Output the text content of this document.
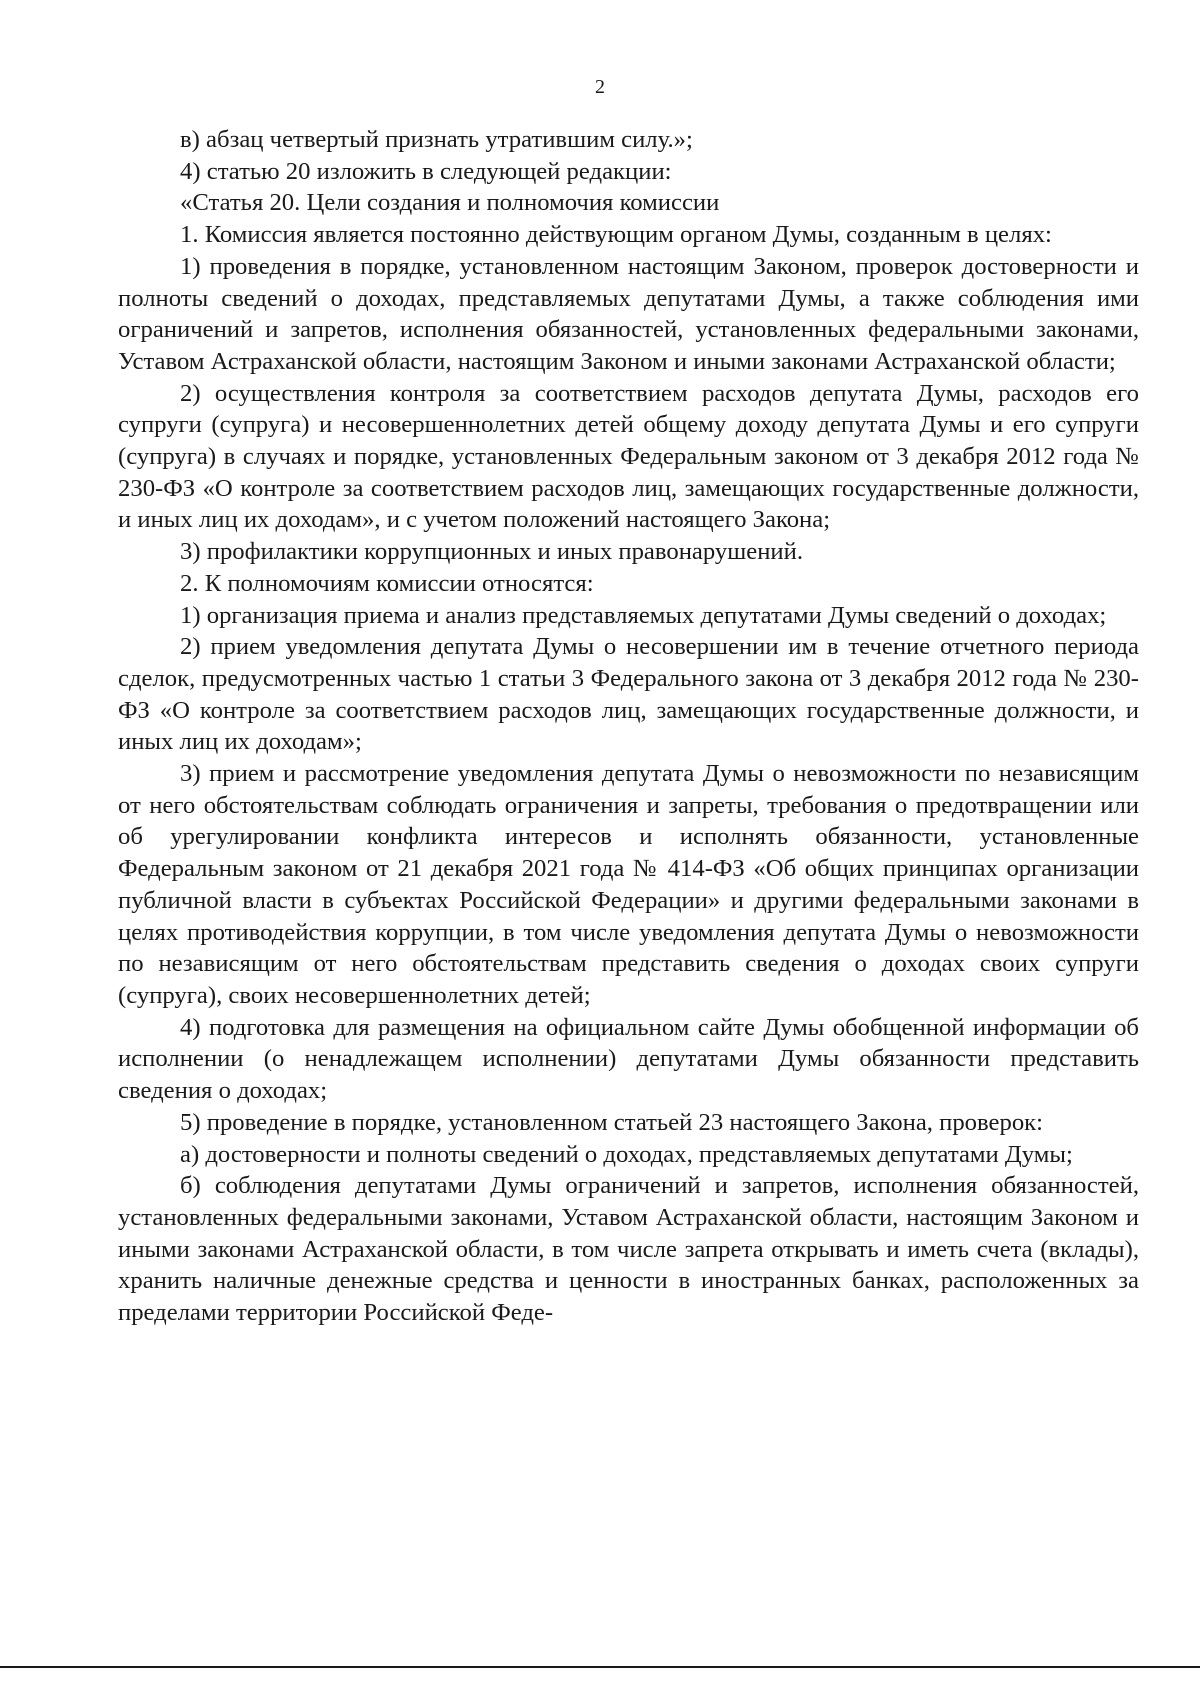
2

в) абзац четвертый признать утратившим силу.»;

4) статью 20 изложить в следующей редакции:

«Статья 20. Цели создания и полномочия комиссии

1. Комиссия является постоянно действующим органом Думы, созданным в целях:

1) проведения в порядке, установленном настоящим Законом, проверок достоверности и полноты сведений о доходах, представляемых депутатами Думы, а также соблюдения ими ограничений и запретов, исполнения обязанностей, установленных федеральными законами, Уставом Астраханской области, настоящим Законом и иными законами Астраханской области;

2) осуществления контроля за соответствием расходов депутата Думы, расходов его супруги (супруга) и несовершеннолетних детей общему доходу депутата Думы и его супруги (супруга) в случаях и порядке, установленных Федеральным законом от 3 декабря 2012 года № 230-ФЗ «О контроле за соответствием расходов лиц, замещающих государственные должности, и иных лиц их доходам», и с учетом положений настоящего Закона;

3) профилактики коррупционных и иных правонарушений.

2. К полномочиям комиссии относятся:

1) организация приема и анализ представляемых депутатами Думы сведений о доходах;

2) прием уведомления депутата Думы о несовершении им в течение отчетного периода сделок, предусмотренных частью 1 статьи 3 Федерального закона от 3 декабря 2012 года № 230-ФЗ «О контроле за соответствием расходов лиц, замещающих государственные должности, и иных лиц их доходам»;

3) прием и рассмотрение уведомления депутата Думы о невозможности по независящим от него обстоятельствам соблюдать ограничения и запреты, требования о предотвращении или об урегулировании конфликта интересов и исполнять обязанности, установленные Федеральным законом от 21 декабря 2021 года № 414-ФЗ «Об общих принципах организации публичной власти в субъектах Российской Федерации» и другими федеральными законами в целях противодействия коррупции, в том числе уведомления депутата Думы о невозможности по независящим от него обстоятельствам представить сведения о доходах своих супруги (супруга), своих несовершеннолетних детей;

4) подготовка для размещения на официальном сайте Думы обобщенной информации об исполнении (о ненадлежащем исполнении) депутатами Думы обязанности представить сведения о доходах;

5) проведение в порядке, установленном статьей 23 настоящего Закона, проверок:

а) достоверности и полноты сведений о доходах, представляемых депутатами Думы;

б) соблюдения депутатами Думы ограничений и запретов, исполнения обязанностей, установленных федеральными законами, Уставом Астраханской области, настоящим Законом и иными законами Астраханской области, в том числе запрета открывать и иметь счета (вклады), хранить наличные денежные средства и ценности в иностранных банках, расположенных за пределами территории Российской Феде-
